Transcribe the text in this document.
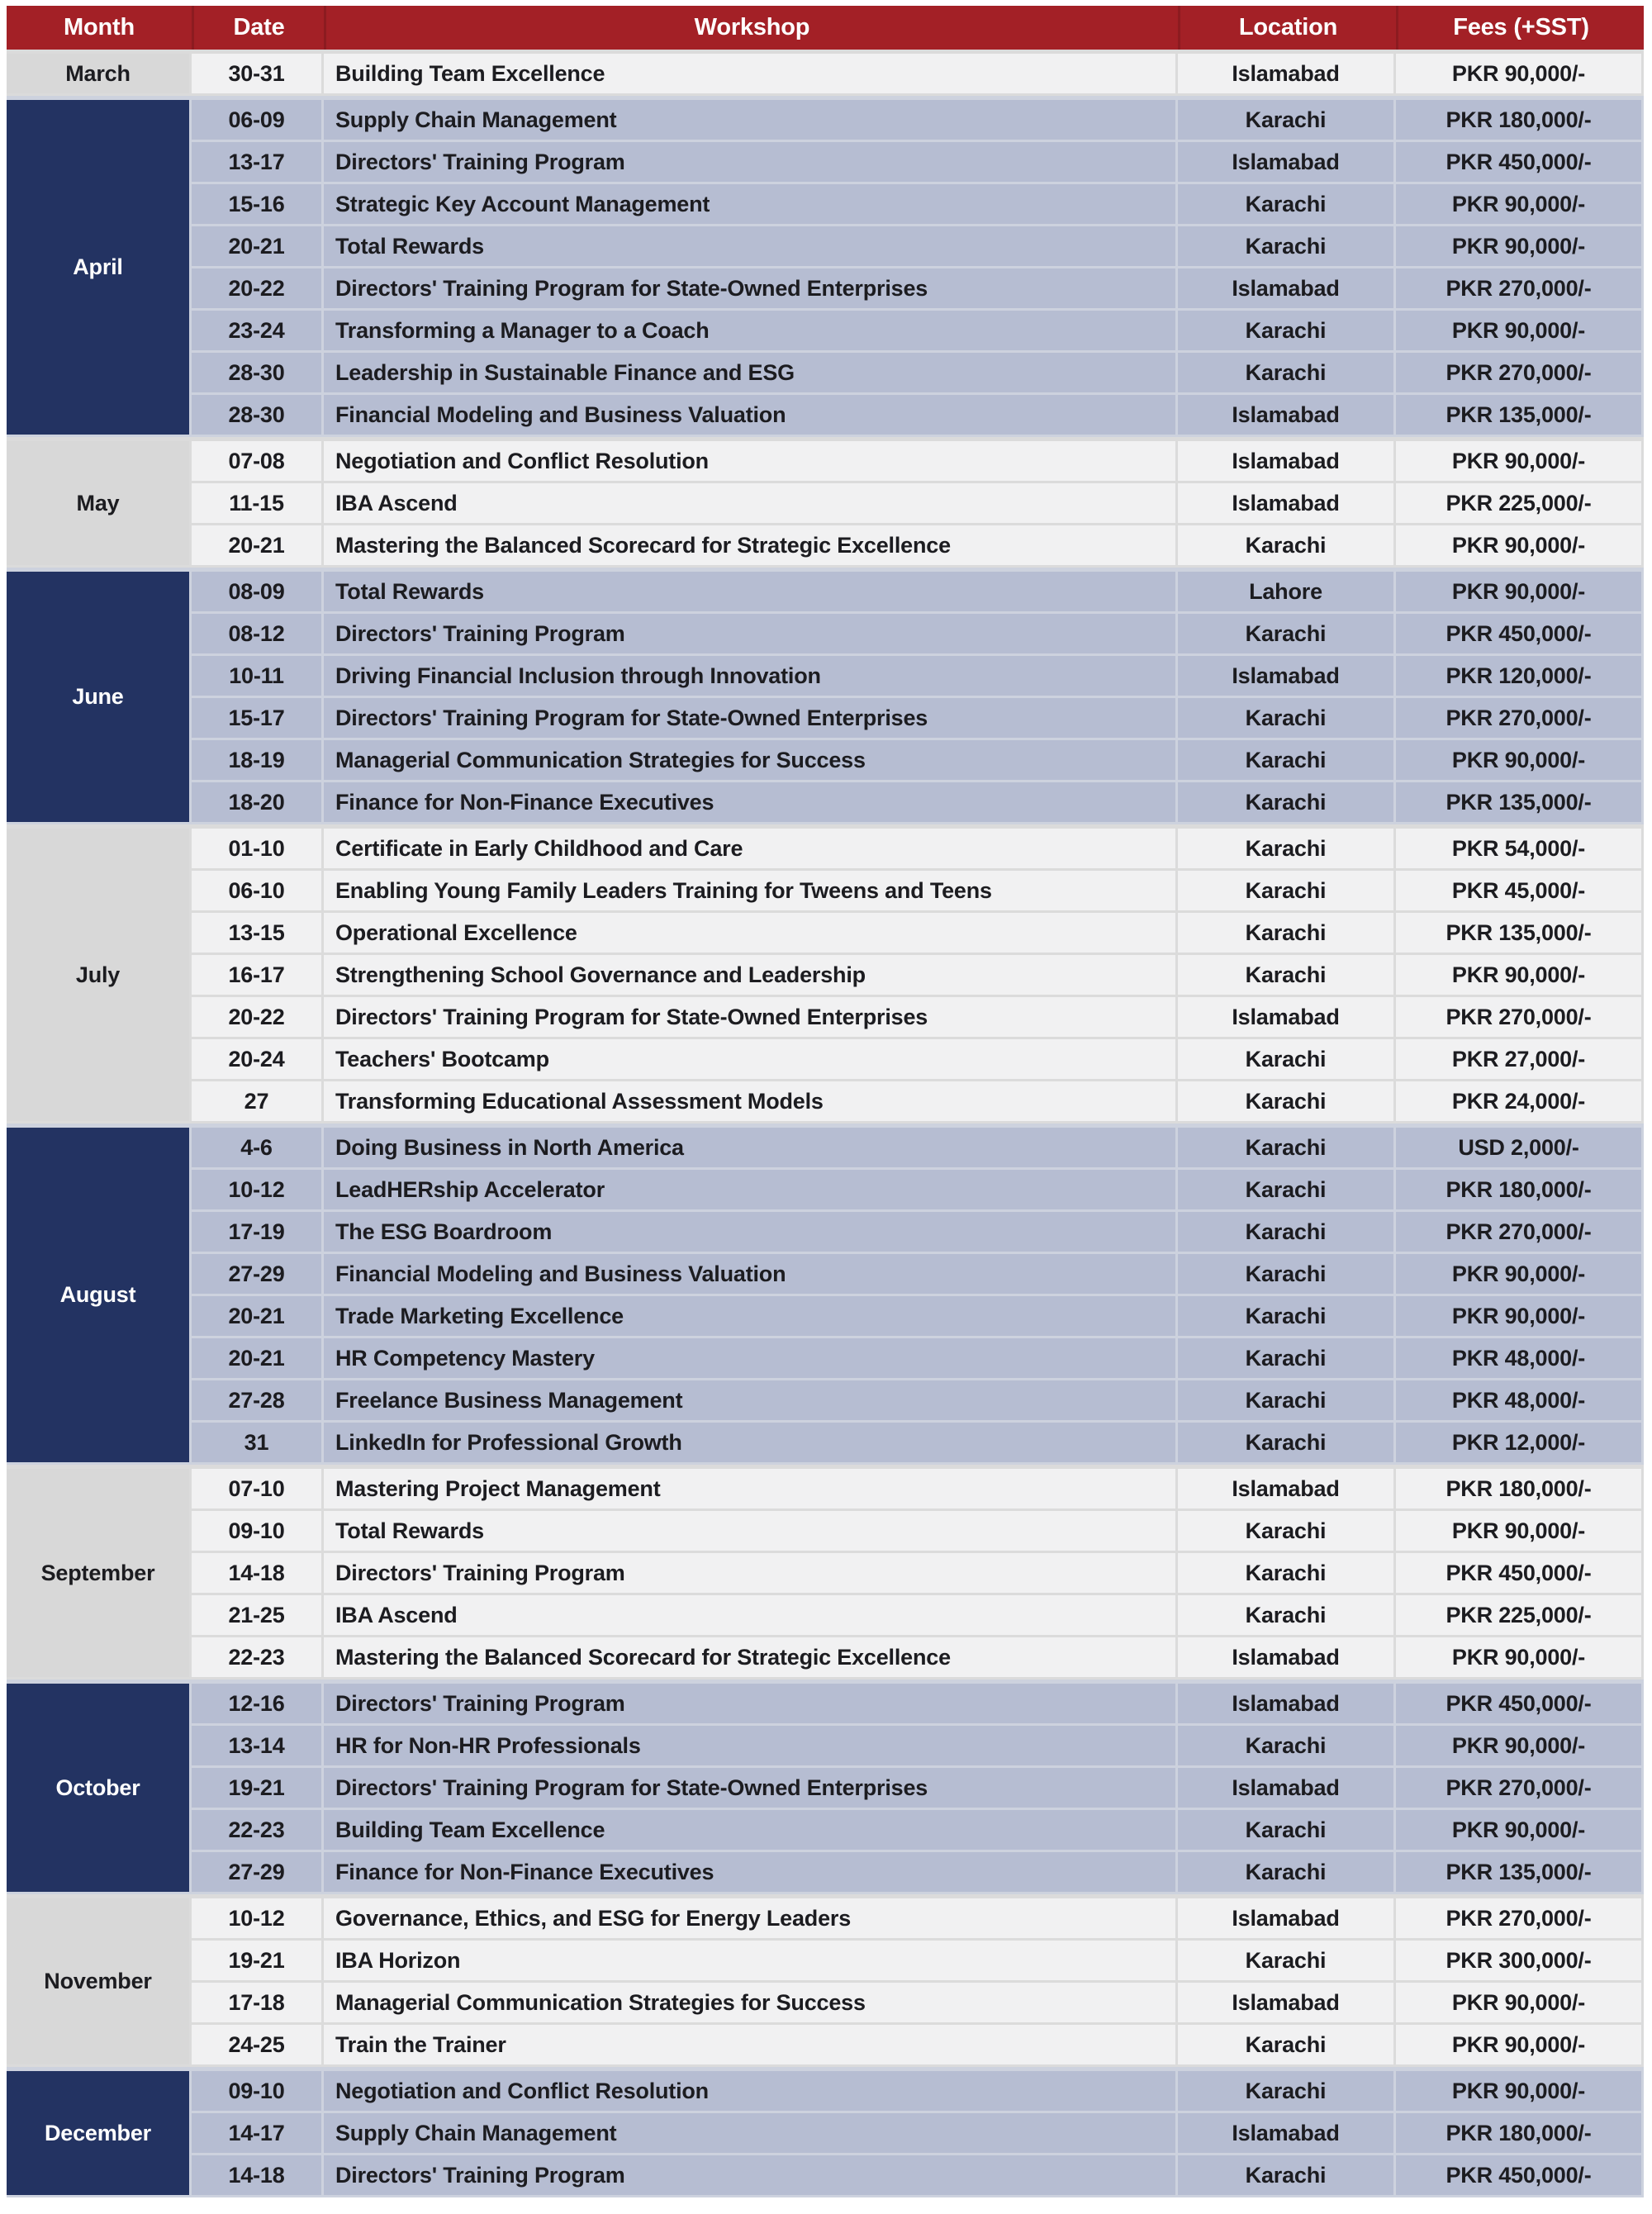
Month	Date	Workshop	Location	Fees (+SST)
March	30-31	Building Team Excellence	Islamabad	PKR 90,000/-
April	06-09	Supply Chain Management	Karachi	PKR 180,000/-
	13-17	Directors' Training Program	Islamabad	PKR 450,000/-
	15-16	Strategic Key Account Management	Karachi	PKR 90,000/-
	20-21	Total Rewards	Karachi	PKR 90,000/-
	20-22	Directors' Training Program for State-Owned Enterprises	Islamabad	PKR 270,000/-
	23-24	Transforming a Manager to a Coach	Karachi	PKR 90,000/-
	28-30	Leadership in Sustainable Finance and ESG	Karachi	PKR 270,000/-
	28-30	Financial Modeling and Business Valuation	Islamabad	PKR 135,000/-
May	07-08	Negotiation and Conflict Resolution	Islamabad	PKR 90,000/-
	11-15	IBA Ascend	Islamabad	PKR 225,000/-
	20-21	Mastering the Balanced Scorecard for Strategic Excellence	Karachi	PKR 90,000/-
June	08-09	Total Rewards	Lahore	PKR 90,000/-
	08-12	Directors' Training Program	Karachi	PKR 450,000/-
	10-11	Driving Financial Inclusion through Innovation	Islamabad	PKR 120,000/-
	15-17	Directors' Training Program for State-Owned Enterprises	Karachi	PKR 270,000/-
	18-19	Managerial Communication Strategies for Success	Karachi	PKR 90,000/-
	18-20	Finance for Non-Finance Executives	Karachi	PKR 135,000/-
July	01-10	Certificate in Early Childhood and Care	Karachi	PKR 54,000/-
	06-10	Enabling Young Family Leaders Training for Tweens and Teens	Karachi	PKR 45,000/-
	13-15	Operational Excellence	Karachi	PKR 135,000/-
	16-17	Strengthening School Governance and Leadership	Karachi	PKR 90,000/-
	20-22	Directors' Training Program for State-Owned Enterprises	Islamabad	PKR 270,000/-
	20-24	Teachers' Bootcamp	Karachi	PKR 27,000/-
	27	Transforming Educational Assessment Models	Karachi	PKR 24,000/-
August	4-6	Doing Business in North America	Karachi	USD 2,000/-
	10-12	LeadHERship Accelerator	Karachi	PKR 180,000/-
	17-19	The ESG Boardroom	Karachi	PKR 270,000/-
	27-29	Financial Modeling and Business Valuation	Karachi	PKR 90,000/-
	20-21	Trade Marketing Excellence	Karachi	PKR 90,000/-
	20-21	HR Competency Mastery	Karachi	PKR 48,000/-
	27-28	Freelance Business Management	Karachi	PKR 48,000/-
	31	LinkedIn for Professional Growth	Karachi	PKR 12,000/-
September	07-10	Mastering Project Management	Islamabad	PKR 180,000/-
	09-10	Total Rewards	Karachi	PKR 90,000/-
	14-18	Directors' Training Program	Karachi	PKR 450,000/-
	21-25	IBA Ascend	Karachi	PKR 225,000/-
	22-23	Mastering the Balanced Scorecard for Strategic Excellence	Islamabad	PKR 90,000/-
October	12-16	Directors' Training Program	Islamabad	PKR 450,000/-
	13-14	HR for Non-HR Professionals	Karachi	PKR 90,000/-
	19-21	Directors' Training Program for State-Owned Enterprises	Islamabad	PKR 270,000/-
	22-23	Building Team Excellence	Karachi	PKR 90,000/-
	27-29	Finance for Non-Finance Executives	Karachi	PKR 135,000/-
November	10-12	Governance, Ethics, and ESG for Energy Leaders	Islamabad	PKR 270,000/-
	19-21	IBA Horizon	Karachi	PKR 300,000/-
	17-18	Managerial Communication Strategies for Success	Islamabad	PKR 90,000/-
	24-25	Train the Trainer	Karachi	PKR 90,000/-
December	09-10	Negotiation and Conflict Resolution	Karachi	PKR 90,000/-
	14-17	Supply Chain Management	Islamabad	PKR 180,000/-
	14-18	Directors' Training Program	Karachi	PKR 450,000/-
